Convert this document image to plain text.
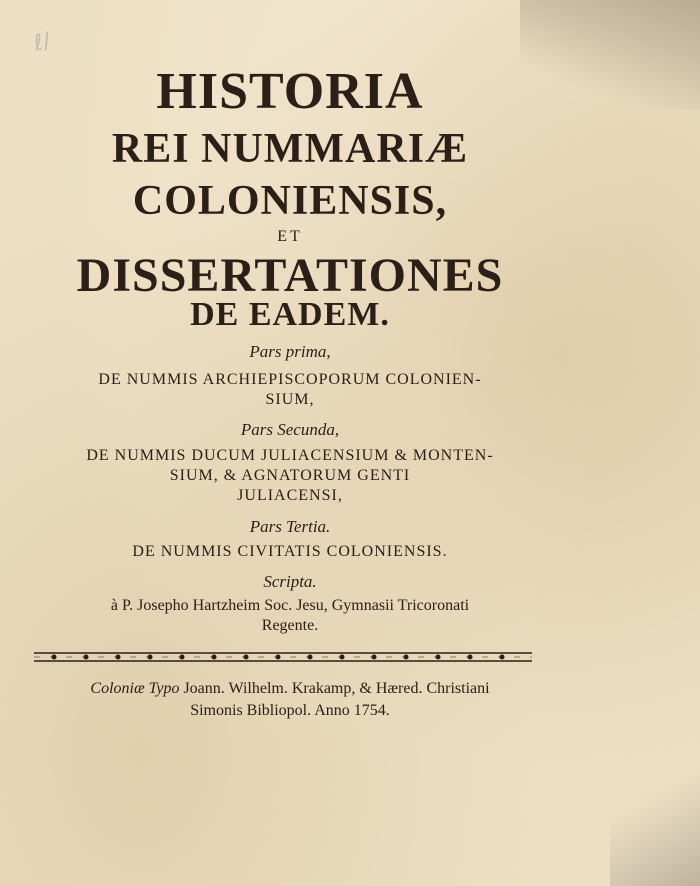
ℓ∕
HISTORIA
REI NUMMARIÆ
COLONIENSIS,
ET
DISSERTATIONES
DE EADEM.
Pars prima,
DE NUMMIS ARCHIEPISCOPORUM COLONIEN-
SIUM,
Pars Secunda,
DE NUMMIS DUCUM JULIACENSIUM & MONTEN-
SIUM, & AGNATORUM GENTI
JULIACENSI,
Pars Tertia.
DE NUMMIS CIVITATIS COLONIENSIS.
Scripta.
à P. Josepho Hartzheim Soc. Jesu, Gymnasii Tricoronati
Regente.
Coloniæ Typo Joann. Wilhelm. Krakamp, & Hæred. Christiani
Simonis Bibliopol. Anno 1754.
